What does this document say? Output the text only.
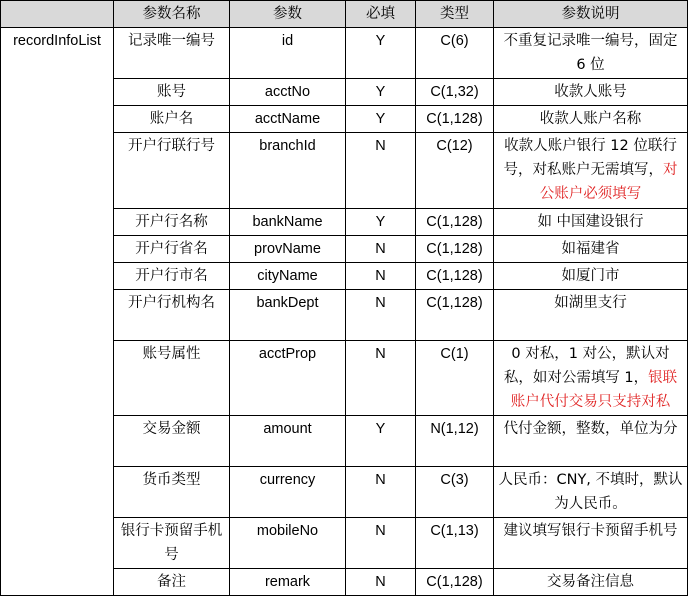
	参数名称	参数	必填	类型	参数说明
recordInfoList	记录唯一编号	id	Y	C(6)	不重复记录唯一编号，固定 6 位
	账号	acctNo	Y	C(1,32)	收款人账号
	账户名	acctName	Y	C(1,128)	收款人账户名称
	开户行联行号	branchId	N	C(12)	收款人账户银行 12 位联行号，对私账户无需填写，对公账户必须填写
	开户行名称	bankName	Y	C(1,128)	如 中国建设银行
	开户行省名	provName	N	C(1,128)	如福建省
	开户行市名	cityName	N	C(1,128)	如厦门市
	开户行机构名	bankDept	N	C(1,128)	如湖里支行
	账号属性	acctProp	N	C(1)	0 对私，1 对公，默认对私，如对公需填写 1，银联账户代付交易只支持对私
	交易金额	amount	Y	N(1,12)	代付金额，整数，单位为分
	货币类型	currency	N	C(3)	人民币：CNY, 不填时，默认为人民币。
	银行卡预留手机号	mobileNo	N	C(1,13)	建议填写银行卡预留手机号
	备注	remark	N	C(1,128)	交易备注信息
